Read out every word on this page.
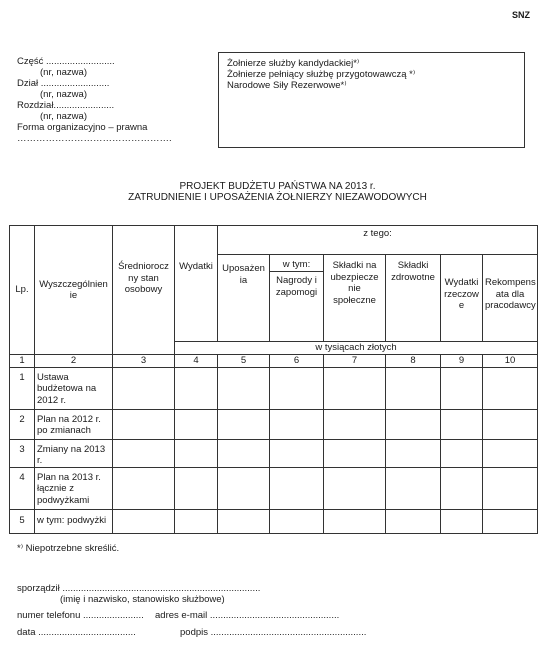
SNZ
Część ..........................
(nr, nazwa)
Dział ..........................
(nr, nazwa)
Rozdział.......................
(nr, nazwa)
Forma organizacyjno – prawna
………………………………………….
Żołnierze służby kandydackiej*⁾
Żołnierze pełniący służbę przygotowawczą *⁾
Narodowe Siły Rezerwowe*⁾
PROJEKT BUDŻETU PAŃSTWA NA 2013 r.
ZATRUDNIENIE I UPOSAŻENIA ŻOŁNIERZY NIEZAWODOWYCH
Lp.	Wyszczególnien ie	Średniorocz ny stan osobowy	Wydatki	z tego:					
				Uposażen ia	w tym:	Składki na ubezpiecze nie społeczne	Składki zdrowotne	Wydatki rzeczow e	Rekompens ata dla pracodawcy
					Nagrody i zapomogi				
			w tysiącach złotych						
1	2	3	4	5	6	7	8	9	10
1	Ustawa budżetowa na 2012 r.								
2	Plan na 2012 r. po zmianach								
3	Zmiany na 2013 r.								
4	Plan na 2013 r. łącznie z podwyżkami								
5	w tym: podwyżki								
*⁾ Niepotrzebne skreślić.
sporządził ...........................................................................
(imię i nazwisko, stanowisko służbowe)
numer telefonu ....................... adres e-mail .................................................
data .....................................	podpis ...........................................................
